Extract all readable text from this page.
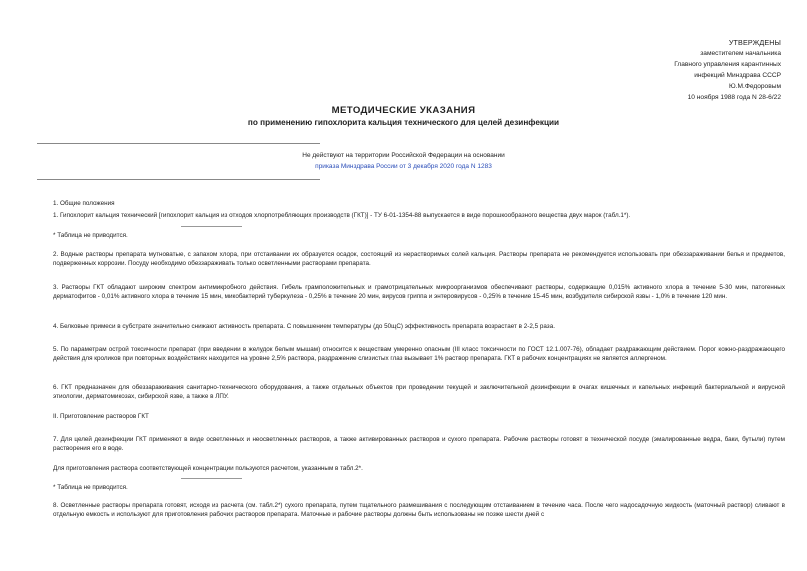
УТВЕРЖДЕНЫ
заместителем начальника
Главного управления карантинных
инфекций Минздрава СССР
Ю.М.Федоровым
10 ноября 1988 года N 28-6/22
МЕТОДИЧЕСКИЕ УКАЗАНИЯ
по применению гипохлорита кальция технического для целей дезинфекции
Не действуют на территории Российской Федерации на основании
приказа Минздрава России от 3 декабря 2020 года N 1283

1. Общие положения

1. Гипохлорит кальция технический [гипохлорит кальция из отходов хлорпотребляющих производств (ГКТ)] - ТУ 6-01-1354-88 выпускается в виде порошкообразного вещества двух марок (табл.1*).

* Таблица не приводится.

2. Водные растворы препарата мутноватые, с запахом хлора, при отстаивании их образуется осадок, состоящий из нерастворимых солей кальция. Растворы препарата не рекомендуется использовать при обеззараживании белья и предметов, подверженных коррозии. Посуду необходимо обеззараживать только осветленными растворами препарата.

3. Растворы ГКТ обладают широким спектром антимикробного действия. Гибель грамположительных и грамотрицательных микроорганизмов обеспечивают растворы, содержащие 0,015% активного хлора в течение 5-30 мин, патогенных дерматофитов - 0,01% активного хлора в течение 15 мин, микобактерий туберкулеза - 0,25% в течение 20 мин, вирусов гриппа и энтеровирусов - 0,25% в течение 15-45 мин, возбудителя сибирской язвы - 1,0% в течение 120 мин.

4. Белковые примеси в субстрате значительно снижают активность препарата. С повышением температуры (до 50щС) эффективность препарата возрастает в 2-2,5 раза.

5. По параметрам острой токсичности препарат (при введении в желудок белым мышам) относится к веществам умеренно опасным (III класс токсичности по ГОСТ 12.1.007-76), обладает раздражающим действием. Порог кожно-раздражающего действия для кроликов при повторных воздействиях находится на уровне 2,5% раствора, раздражение слизистых глаз вызывает 1% раствор препарата. ГКТ в рабочих концентрациях не является аллергеном.

6. ГКТ предназначен для обеззараживания санитарно-технического оборудования, а также отдельных объектов при проведении текущей и заключительной дезинфекции в очагах кишечных и капельных инфекций бактериальной и вирусной этиологии, дерматомикозах, сибирской язве, а также в ЛПУ.

II. Приготовление растворов ГКТ

7. Для целей дезинфекции ГКТ применяют в виде осветленных и неосветленных растворов, а также активированных растворов и сухого препарата. Рабочие растворы готовят в технической посуде (эмалированные ведра, баки, бутыли) путем растворения его в воде.

Для приготовления раствора соответствующей концентрации пользуются расчетом, указанным в табл.2*.

* Таблица не приводится.

8. Осветленные растворы препарата готовят, исходя из расчета (см. табл.2*) сухого препарата, путем тщательного размешивания с последующим отстаиванием в течение часа. После чего надосадочную жидкость (маточный раствор) сливают в отдельную емкость и используют для приготовления рабочих растворов препарата. Маточные и рабочие растворы должны быть использованы не позже шести дней с
